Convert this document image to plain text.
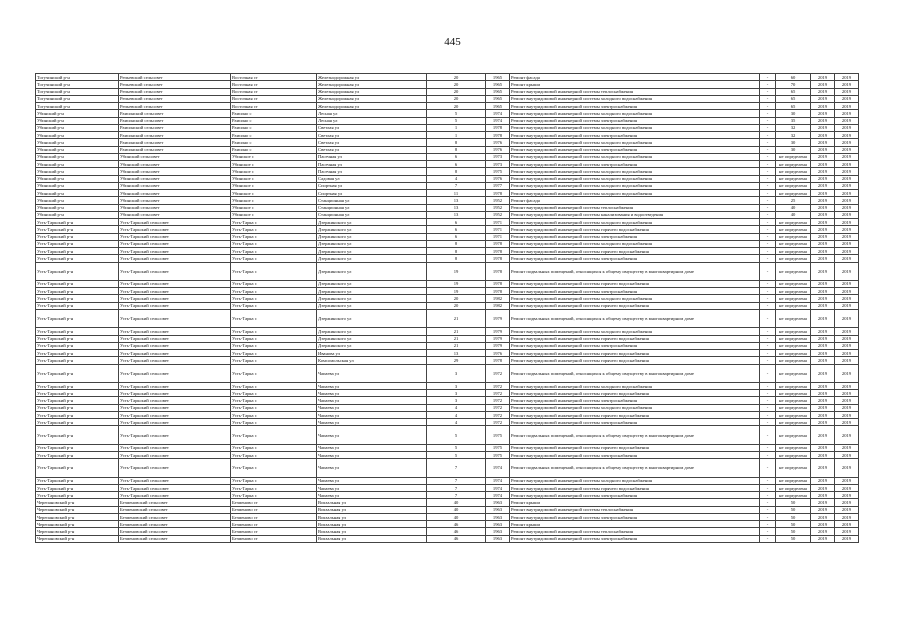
445
Тогучинский р-н	Репьевский сельсовет	Восточная ст	Железнодорожная ул	20	1965	Ремонт фасада	-	60	2019	2019
Тогучинский р-н	Репьевский сельсовет	Восточная ст	Железнодорожная ул	20	1965	Ремонт крыши	-	70	2019	2019
Тогучинский р-н	Репьевский сельсовет	Восточная ст	Железнодорожная ул	20	1965	Ремонт внутридомовой инженерной системы теплоснабжения	-	65	2019	2019
Тогучинский р-н	Репьевский сельсовет	Восточная ст	Железнодорожная ул	20	1965	Ремонт внутридомовой инженерной системы холодного водоснабжения	-	65	2019	2019
Тогучинский р-н	Репьевский сельсовет	Восточная ст	Железнодорожная ул	20	1965	Ремонт внутридомовой инженерной системы электроснабжения	-	65	2019	2019
Убинский р-н	Раисинский сельсовет	Раисино с	Лесная ул	5	1974	Ремонт внутридомовой инженерной системы холодного водоснабжения	-	30	2019	2019
Убинский р-н	Раисинский сельсовет	Раисино с	Лесная ул	5	1974	Ремонт внутридомовой инженерной системы электроснабжения	-	35	2019	2019
Убинский р-н	Раисинский сельсовет	Раисино с	Светлая ул	1	1978	Ремонт внутридомовой инженерной системы холодного водоснабжения	-	32	2019	2019
Убинский р-н	Раисинский сельсовет	Раисино с	Светлая ул	1	1978	Ремонт внутридомовой инженерной системы электроснабжения	-	32	2019	2019
Убинский р-н	Раисинский сельсовет	Раисино с	Светлая ул	8	1976	Ремонт внутридомовой инженерной системы холодного водоснабжения	-	30	2019	2019
Убинский р-н	Раисинский сельсовет	Раисино с	Светлая ул	8	1976	Ремонт внутридомовой инженерной системы электроснабжения	-	30	2019	2019
Убинский р-н	Убинский сельсовет	Убинское с	Пасечная ул	6	1973	Ремонт внутридомовой инженерной системы холодного водоснабжения	-	не определена	2019	2019
Убинский р-н	Убинский сельсовет	Убинское с	Пасечная ул	6	1973	Ремонт внутридомовой инженерной системы электроснабжения	-	не определена	2019	2019
Убинский р-н	Убинский сельсовет	Убинское с	Пасечная ул	8	1975	Ремонт внутридомовой инженерной системы холодного водоснабжения	-	не определена	2019	2019
Убинский р-н	Убинский сельсовет	Убинское с	Садовая ул	4	1976	Ремонт внутридомовой инженерной системы холодного водоснабжения	-	не определена	2019	2019
Убинский р-н	Убинский сельсовет	Убинское с	Спортная ул	7	1977	Ремонт внутридомовой инженерной системы холодного водоснабжения	-	не определена	2019	2019
Убинский р-н	Убинский сельсовет	Убинское с	Спортная ул	11	1978	Ремонт внутридомовой инженерной системы холодного водоснабжения	-	не определена	2019	2019
Убинский р-н	Убинский сельсовет	Убинское с	Станционная ул	13	1952	Ремонт фасада	-	25	2019	2019
Убинский р-н	Убинский сельсовет	Убинское с	Станционная ул	13	1952	Ремонт внутридомовой инженерной системы теплоснабжения	-	40	2019	2019
Убинский р-н	Убинский сельсовет	Убинское с	Станционная ул	13	1952	Ремонт внутридомовой инженерной системы канализования и водоотведения	-	40	2019	2019
Усть-Таркский р-н	Усть-Таркский сельсовет	Усть-Тарка с	Дзержинского ул	6	1971	Ремонт внутридомовой инженерной системы холодного водоснабжения	-	не определена	2019	2019
Усть-Таркский р-н	Усть-Таркский сельсовет	Усть-Тарка с	Дзержинского ул	6	1971	Ремонт внутридомовой инженерной системы горячего водоснабжения	-	не определена	2019	2019
Усть-Таркский р-н	Усть-Таркский сельсовет	Усть-Тарка с	Дзержинского ул	6	1971	Ремонт внутридомовой инженерной системы электроснабжения	-	не определена	2019	2019
Усть-Таркский р-н	Усть-Таркский сельсовет	Усть-Тарка с	Дзержинского ул	8	1978	Ремонт внутридомовой инженерной системы холодного водоснабжения	-	не определена	2019	2019
Усть-Таркский р-н	Усть-Таркский сельсовет	Усть-Тарка с	Дзержинского ул	8	1978	Ремонт внутридомовой инженерной системы горячего водоснабжения	-	не определена	2019	2019
Усть-Таркский р-н	Усть-Таркский сельсовет	Усть-Тарка с	Дзержинского ул	8	1978	Ремонт внутридомовой инженерной системы электроснабжения	-	не определена	2019	2019
Усть-Таркский р-н	Усть-Таркский сельсовет	Усть-Тарка с	Дзержинского ул	19	1978	Ремонт подвальных помещений, относящихся к общему имуществу в многоквартирном доме	-	не определена	2019	2019
Усть-Таркский р-н	Усть-Таркский сельсовет	Усть-Тарка с	Дзержинского ул	19	1978	Ремонт внутридомовой инженерной системы горячего водоснабжения	-	не определена	2019	2019
Усть-Таркский р-н	Усть-Таркский сельсовет	Усть-Тарка с	Дзержинского ул	19	1978	Ремонт внутридомовой инженерной системы электроснабжения	-	не определена	2019	2019
Усть-Таркский р-н	Усть-Таркский сельсовет	Усть-Тарка с	Дзержинского ул	20	1982	Ремонт внутридомовой инженерной системы холодного водоснабжения	-	не определена	2019	2019
Усть-Таркский р-н	Усть-Таркский сельсовет	Усть-Тарка с	Дзержинского ул	20	1982	Ремонт внутридомовой инженерной системы горячего водоснабжения	-	не определена	2019	2019
Усть-Таркский р-н	Усть-Таркский сельсовет	Усть-Тарка с	Дзержинского ул	21	1979	Ремонт подвальных помещений, относящихся к общему имуществу в многоквартирном доме	-	не определена	2019	2019
Усть-Таркский р-н	Усть-Таркский сельсовет	Усть-Тарка с	Дзержинского ул	21	1979	Ремонт внутридомовой инженерной системы холодного водоснабжения	-	не определена	2019	2019
Усть-Таркский р-н	Усть-Таркский сельсовет	Усть-Тарка с	Дзержинского ул	21	1979	Ремонт внутридомовой инженерной системы горячего водоснабжения	-	не определена	2019	2019
Усть-Таркский р-н	Усть-Таркский сельсовет	Усть-Тарка с	Дзержинского ул	21	1979	Ремонт внутридомовой инженерной системы электроснабжения	-	не определена	2019	2019
Усть-Таркский р-н	Усть-Таркский сельсовет	Усть-Тарка с	Иванова ул	13	1976	Ремонт внутридомовой инженерной системы горячего водоснабжения	-	не определена	2019	2019
Усть-Таркский р-н	Усть-Таркский сельсовет	Усть-Тарка с	Комсомольская ул	29	1978	Ремонт внутридомовой инженерной системы горячего водоснабжения	-	не определена	2019	2019
Усть-Таркский р-н	Усть-Таркский сельсовет	Усть-Тарка с	Чапаева ул	3	1972	Ремонт подвальных помещений, относящихся к общему имуществу в многоквартирном доме	-	не определена	2019	2019
Усть-Таркский р-н	Усть-Таркский сельсовет	Усть-Тарка с	Чапаева ул	3	1972	Ремонт внутридомовой инженерной системы холодного водоснабжения	-	не определена	2019	2019
Усть-Таркский р-н	Усть-Таркский сельсовет	Усть-Тарка с	Чапаева ул	3	1972	Ремонт внутридомовой инженерной системы горячего водоснабжения	-	не определена	2019	2019
Усть-Таркский р-н	Усть-Таркский сельсовет	Усть-Тарка с	Чапаева ул	3	1972	Ремонт внутридомовой инженерной системы электроснабжения	-	не определена	2019	2019
Усть-Таркский р-н	Усть-Таркский сельсовет	Усть-Тарка с	Чапаева ул	4	1972	Ремонт внутридомовой инженерной системы холодного водоснабжения	-	не определена	2019	2019
Усть-Таркский р-н	Усть-Таркский сельсовет	Усть-Тарка с	Чапаева ул	4	1972	Ремонт внутридомовой инженерной системы горячего водоснабжения	-	не определена	2019	2019
Усть-Таркский р-н	Усть-Таркский сельсовет	Усть-Тарка с	Чапаева ул	4	1972	Ремонт внутридомовой инженерной системы электроснабжения	-	не определена	2019	2019
Усть-Таркский р-н	Усть-Таркский сельсовет	Усть-Тарка с	Чапаева ул	5	1975	Ремонт подвальных помещений, относящихся к общему имуществу в многоквартирном доме	-	не определена	2019	2019
Усть-Таркский р-н	Усть-Таркский сельсовет	Усть-Тарка с	Чапаева ул	5	1975	Ремонт внутридомовой инженерной системы горячего водоснабжения	-	не определена	2019	2019
Усть-Таркский р-н	Усть-Таркский сельсовет	Усть-Тарка с	Чапаева ул	5	1975	Ремонт внутридомовой инженерной системы электроснабжения	-	не определена	2019	2019
Усть-Таркский р-н	Усть-Таркский сельсовет	Усть-Тарка с	Чапаева ул	7	1974	Ремонт подвальных помещений, относящихся к общему имуществу в многоквартирном доме	-	не определена	2019	2019
Усть-Таркский р-н	Усть-Таркский сельсовет	Усть-Тарка с	Чапаева ул	7	1974	Ремонт внутридомовой инженерной системы холодного водоснабжения	-	не определена	2019	2019
Усть-Таркский р-н	Усть-Таркский сельсовет	Усть-Тарка с	Чапаева ул	7	1974	Ремонт внутридомовой инженерной системы горячего водоснабжения	-	не определена	2019	2019
Усть-Таркский р-н	Усть-Таркский сельсовет	Усть-Тарка с	Чапаева ул	7	1974	Ремонт внутридомовой инженерной системы электроснабжения	-	не определена	2019	2019
Черепановский р-н	Безменовский сельсовет	Безменово ст	Вокзальная ул	40	1963	Ремонт крыши	-	50	2019	2019
Черепановский р-н	Безменовский сельсовет	Безменово ст	Вокзальная ул	40	1963	Ремонт внутридомовой инженерной системы теплоснабжения	-	50	2019	2019
Черепановский р-н	Безменовский сельсовет	Безменово ст	Вокзальная ул	40	1963	Ремонт внутридомовой инженерной системы электроснабжения	-	50	2019	2019
Черепановский р-н	Безменовский сельсовет	Безменово ст	Вокзальная ул	46	1963	Ремонт крыши	-	50	2019	2019
Черепановский р-н	Безменовский сельсовет	Безменово ст	Вокзальная ул	46	1963	Ремонт внутридомовой инженерной системы теплоснабжения	-	50	2019	2019
Черепановский р-н	Безменовский сельсовет	Безменово ст	Вокзальная ул	46	1963	Ремонт внутридомовой инженерной системы электроснабжения	-	50	2019	2019
